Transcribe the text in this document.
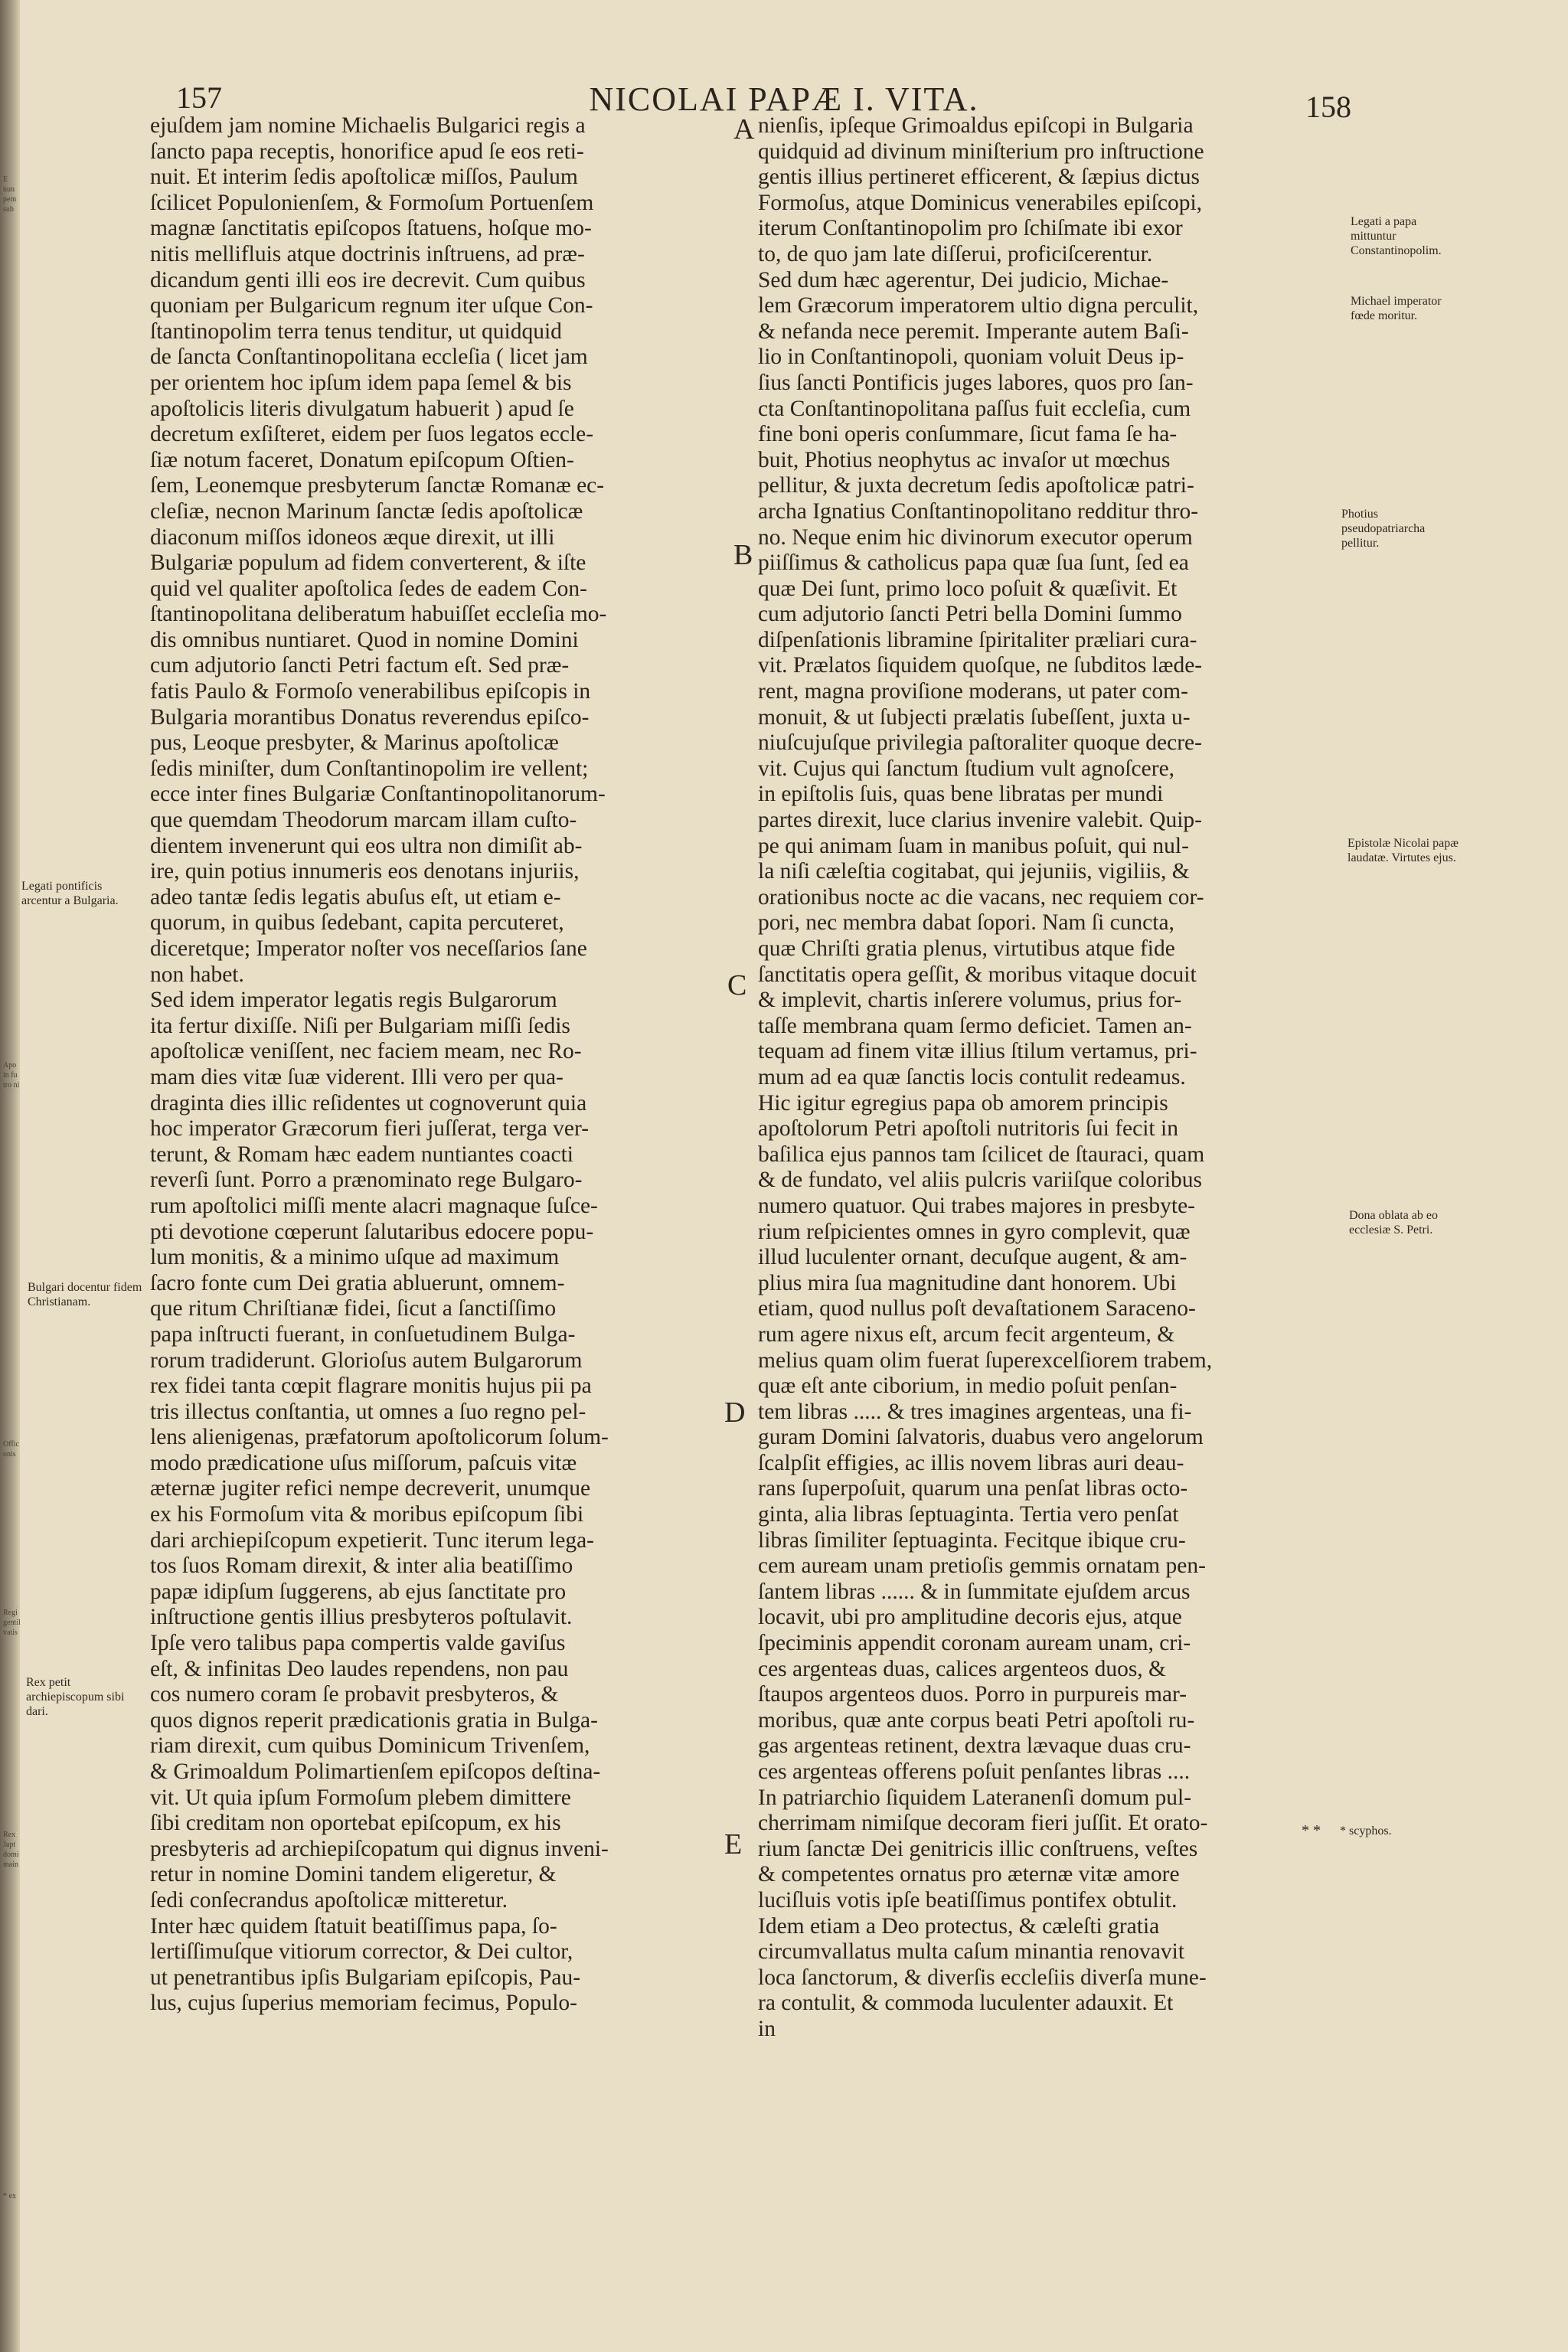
E
nun
pem
sub
Apo
in fu
tro ni
Offic
onis
Regi
gentil
vatis
Rex
Japt
domi
main
* ex
157	NICOLAI PAPÆ I. VITA.	158

ejuſdem jam nomine Michaelis Bulgarici regis a

ſancto papa receptis, honorifice apud ſe eos reti-

nuit. Et interim ſedis apoſtolicæ miſſos, Paulum

ſcilicet Populonienſem, & Formoſum Portuenſem

magnæ ſanctitatis epiſcopos ſtatuens, hoſque mo-

nitis mellifluis atque doctrinis inſtruens, ad præ-

dicandum genti illi eos ire decrevit. Cum quibus

quoniam per Bulgaricum regnum iter uſque Con-

ſtantinopolim terra tenus tenditur, ut quidquid

de ſancta Conſtantinopolitana eccleſia ( licet jam

per orientem hoc ipſum idem papa ſemel & bis

apoſtolicis literis divulgatum habuerit ) apud ſe

decretum exſiſteret, eidem per ſuos legatos eccle-

ſiæ notum faceret, Donatum epiſcopum Oſtien-

ſem, Leonemque presbyterum ſanctæ Romanæ ec-

cleſiæ, necnon Marinum ſanctæ ſedis apoſtolicæ

diaconum miſſos idoneos æque direxit, ut illi

Bulgariæ populum ad fidem converterent, & iſte

quid vel qualiter apoſtolica ſedes de eadem Con-

ſtantinopolitana deliberatum habuiſſet eccleſia mo-

dis omnibus nuntiaret. Quod in nomine Domini

cum adjutorio ſancti Petri factum eſt. Sed præ-

fatis Paulo & Formoſo venerabilibus epiſcopis in

Bulgaria morantibus Donatus reverendus epiſco-

pus, Leoque presbyter, & Marinus apoſtolicæ

ſedis miniſter, dum Conſtantinopolim ire vellent;

ecce inter fines Bulgariæ Conſtantinopolitanorum-

que quemdam Theodorum marcam illam cuſto-

dientem invenerunt qui eos ultra non dimiſit ab-

ire, quin potius innumeris eos denotans injuriis,

adeo tantæ ſedis legatis abuſus eſt, ut etiam e-

quorum, in quibus ſedebant, capita percuteret,

diceretque; Imperator noſter vos neceſſarios ſane

non habet.

Sed idem imperator legatis regis Bulgarorum

ita fertur dixiſſe. Niſi per Bulgariam miſſi ſedis

apoſtolicæ veniſſent, nec faciem meam, nec Ro-

mam dies vitæ ſuæ viderent. Illi vero per qua-

draginta dies illic reſidentes ut cognoverunt quia

hoc imperator Græcorum fieri juſſerat, terga ver-

terunt, & Romam hæc eadem nuntiantes coacti

reverſi ſunt. Porro a prænominato rege Bulgaro-

rum apoſtolici miſſi mente alacri magnaque ſuſce-

pti devotione cœperunt ſalutaribus edocere popu-

lum monitis, & a minimo uſque ad maximum

ſacro fonte cum Dei gratia abluerunt, omnem-

que ritum Chriſtianæ fidei, ſicut a ſanctiſſimo

papa inſtructi fuerant, in conſuetudinem Bulga-

rorum tradiderunt. Glorioſus autem Bulgarorum

rex fidei tanta cœpit flagrare monitis hujus pii pa

tris illectus conſtantia, ut omnes a ſuo regno pel-

lens alienigenas, præfatorum apoſtolicorum ſolum-

modo prædicatione uſus miſſorum, paſcuis vitæ

æternæ jugiter refici nempe decreverit, unumque

ex his Formoſum vita & moribus epiſcopum ſibi

dari archiepiſcopum expetierit. Tunc iterum lega-

tos ſuos Romam direxit, & inter alia beatiſſimo

papæ idipſum ſuggerens, ab ejus ſanctitate pro

inſtructione gentis illius presbyteros poſtulavit.

Ipſe vero talibus papa compertis valde gaviſus

eſt, & infinitas Deo laudes rependens, non pau

cos numero coram ſe probavit presbyteros, &

quos dignos reperit prædicationis gratia in Bulga-

riam direxit, cum quibus Dominicum Trivenſem,

& Grimoaldum Polimartienſem epiſcopos deſtina-

vit. Ut quia ipſum Formoſum plebem dimittere

ſibi creditam non oportebat epiſcopum, ex his

presbyteris ad archiepiſcopatum qui dignus inveni-

retur in nomine Domini tandem eligeretur, &

ſedi conſecrandus apoſtolicæ mitteretur.

Inter hæc quidem ſtatuit beatiſſimus papa, ſo-

lertiſſimuſque vitiorum corrector, & Dei cultor,

ut penetrantibus ipſis Bulgariam epiſcopis, Pau-

lus, cujus ſuperius memoriam fecimus, Populo-

nienſis, ipſeque Grimoaldus epiſcopi in Bulgaria

quidquid ad divinum miniſterium pro inſtructione

gentis illius pertineret efficerent, & ſæpius dictus

Formoſus, atque Dominicus venerabiles epiſcopi,

iterum Conſtantinopolim pro ſchiſmate ibi exor

to, de quo jam late diſſerui, proficiſcerentur.

Sed dum hæc agerentur, Dei judicio, Michae-

lem Græcorum imperatorem ultio digna perculit,

& nefanda nece peremit. Imperante autem Baſi-

lio in Conſtantinopoli, quoniam voluit Deus ip-

ſius ſancti Pontificis juges labores, quos pro ſan-

cta Conſtantinopolitana paſſus fuit eccleſia, cum

fine boni operis conſummare, ſicut fama ſe ha-

buit, Photius neophytus ac invaſor ut mœchus

pellitur, & juxta decretum ſedis apoſtolicæ patri-

archa Ignatius Conſtantinopolitano redditur thro-

no. Neque enim hic divinorum executor operum

piiſſimus & catholicus papa quæ ſua ſunt, ſed ea

quæ Dei ſunt, primo loco poſuit & quæſivit. Et

cum adjutorio ſancti Petri bella Domini ſummo

diſpenſationis libramine ſpiritaliter præliari cura-

vit. Prælatos ſiquidem quoſque, ne ſubditos læde-

rent, magna proviſione moderans, ut pater com-

monuit, & ut ſubjecti prælatis ſubeſſent, juxta u-

niuſcujuſque privilegia paſtoraliter quoque decre-

vit. Cujus qui ſanctum ſtudium vult agnoſcere,

in epiſtolis ſuis, quas bene libratas per mundi

partes direxit, luce clarius invenire valebit. Quip-

pe qui animam ſuam in manibus poſuit, qui nul-

la niſi cæleſtia cogitabat, qui jejuniis, vigiliis, &

orationibus nocte ac die vacans, nec requiem cor-

pori, nec membra dabat ſopori. Nam ſi cuncta,

quæ Chriſti gratia plenus, virtutibus atque fide

ſanctitatis opera geſſit, & moribus vitaque docuit

& implevit, chartis inſerere volumus, prius for-

taſſe membrana quam ſermo deficiet. Tamen an-

tequam ad finem vitæ illius ſtilum vertamus, pri-

mum ad ea quæ ſanctis locis contulit redeamus.

Hic igitur egregius papa ob amorem principis

apoſtolorum Petri apoſtoli nutritoris ſui fecit in

baſilica ejus pannos tam ſcilicet de ſtauraci, quam

& de fundato, vel aliis pulcris variiſque coloribus

numero quatuor. Qui trabes majores in presbyte-

rium reſpicientes omnes in gyro complevit, quæ

illud luculenter ornant, decuſque augent, & am-

plius mira ſua magnitudine dant honorem. Ubi

etiam, quod nullus poſt devaſtationem Saraceno-

rum agere nixus eſt, arcum fecit argenteum, &

melius quam olim fuerat ſuperexcelſiorem trabem,

quæ eſt ante ciborium, in medio poſuit penſan-

tem libras ..... & tres imagines argenteas, una fi-

guram Domini ſalvatoris, duabus vero angelorum

ſcalpſit effigies, ac illis novem libras auri deau-

rans ſuperpoſuit, quarum una penſat libras octo-

ginta, alia libras ſeptuaginta. Tertia vero penſat

libras ſimiliter ſeptuaginta. Fecitque ibique cru-

cem auream unam pretioſis gemmis ornatam pen-

ſantem libras ...... & in ſummitate ejuſdem arcus

locavit, ubi pro amplitudine decoris ejus, atque

ſpeciminis appendit coronam auream unam, cri-

ces argenteas duas, calices argenteos duos, &

ſtaupos argenteos duos. Porro in purpureis mar-

moribus, quæ ante corpus beati Petri apoſtoli ru-

gas argenteas retinent, dextra lævaque duas cru-

ces argenteas offerens poſuit penſantes libras ....

In patriarchio ſiquidem Lateranenſi domum pul-

cherrimam nimiſque decoram fieri juſſit. Et orato-

rium ſanctæ Dei genitricis illic conſtruens, veſtes

& competentes ornatus pro æternæ vitæ amore

luciſluis votis ipſe beatiſſimus pontifex obtulit.

Idem etiam a Deo protectus, & cæleſti gratia

circumvallatus multa caſum minantia renovavit

loca ſanctorum, & diverſis eccleſiis diverſa mune-

ra contulit, & commoda luculenter adauxit. Et

in

Legati pontificis arcentur a Bulgaria.
Bulgari docentur fidem Christianam.
Rex petit archiepiscopum sibi dari.
Legati a papa mittuntur Constantinopolim.
Michael imperator fœde moritur.
Photius pseudopatriarcha pellitur.
Epistolæ Nicolai papæ laudatæ. Virtutes ejus.
Dona oblata ab eo ecclesiæ S. Petri.
* scyphos.
A
B
C
D
E	* *
